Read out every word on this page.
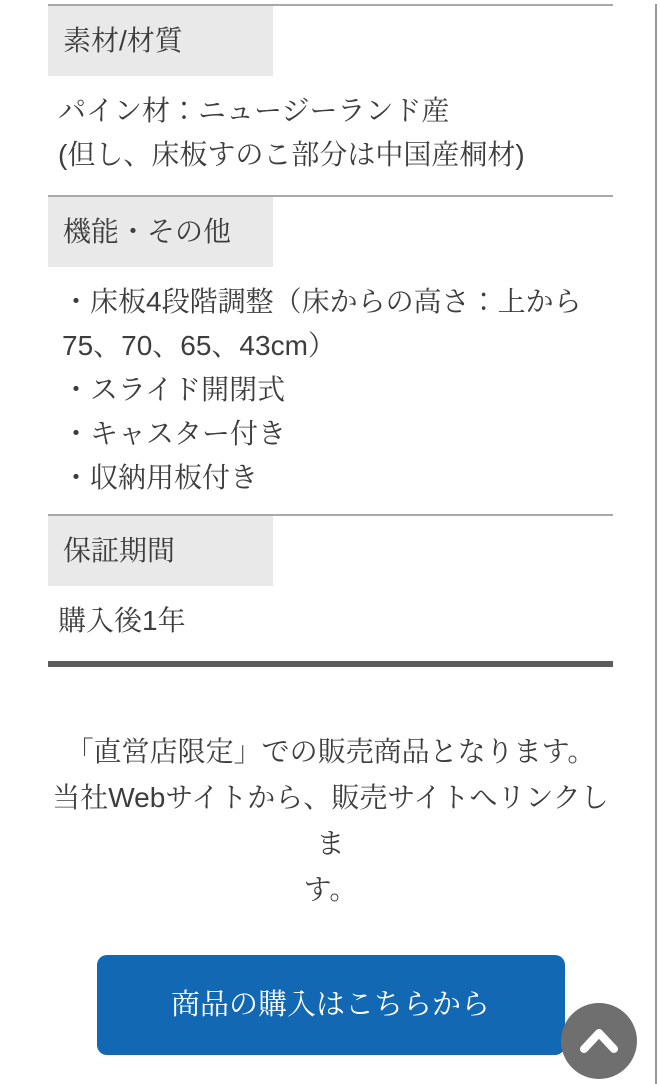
素材/材質
パイン材：ニュージーランド産
(但し、床板すのこ部分は中国産桐材)
機能・その他
・床板4段階調整（床からの高さ：上から
75、70、65、43cm）
・スライド開閉式
・キャスター付き
・収納用板付き
保証期間
購入後1年
「直営店限定」での販売商品となります。
当社Webサイトから、販売サイトへリンクしま
す。
商品の購入はこちらから
